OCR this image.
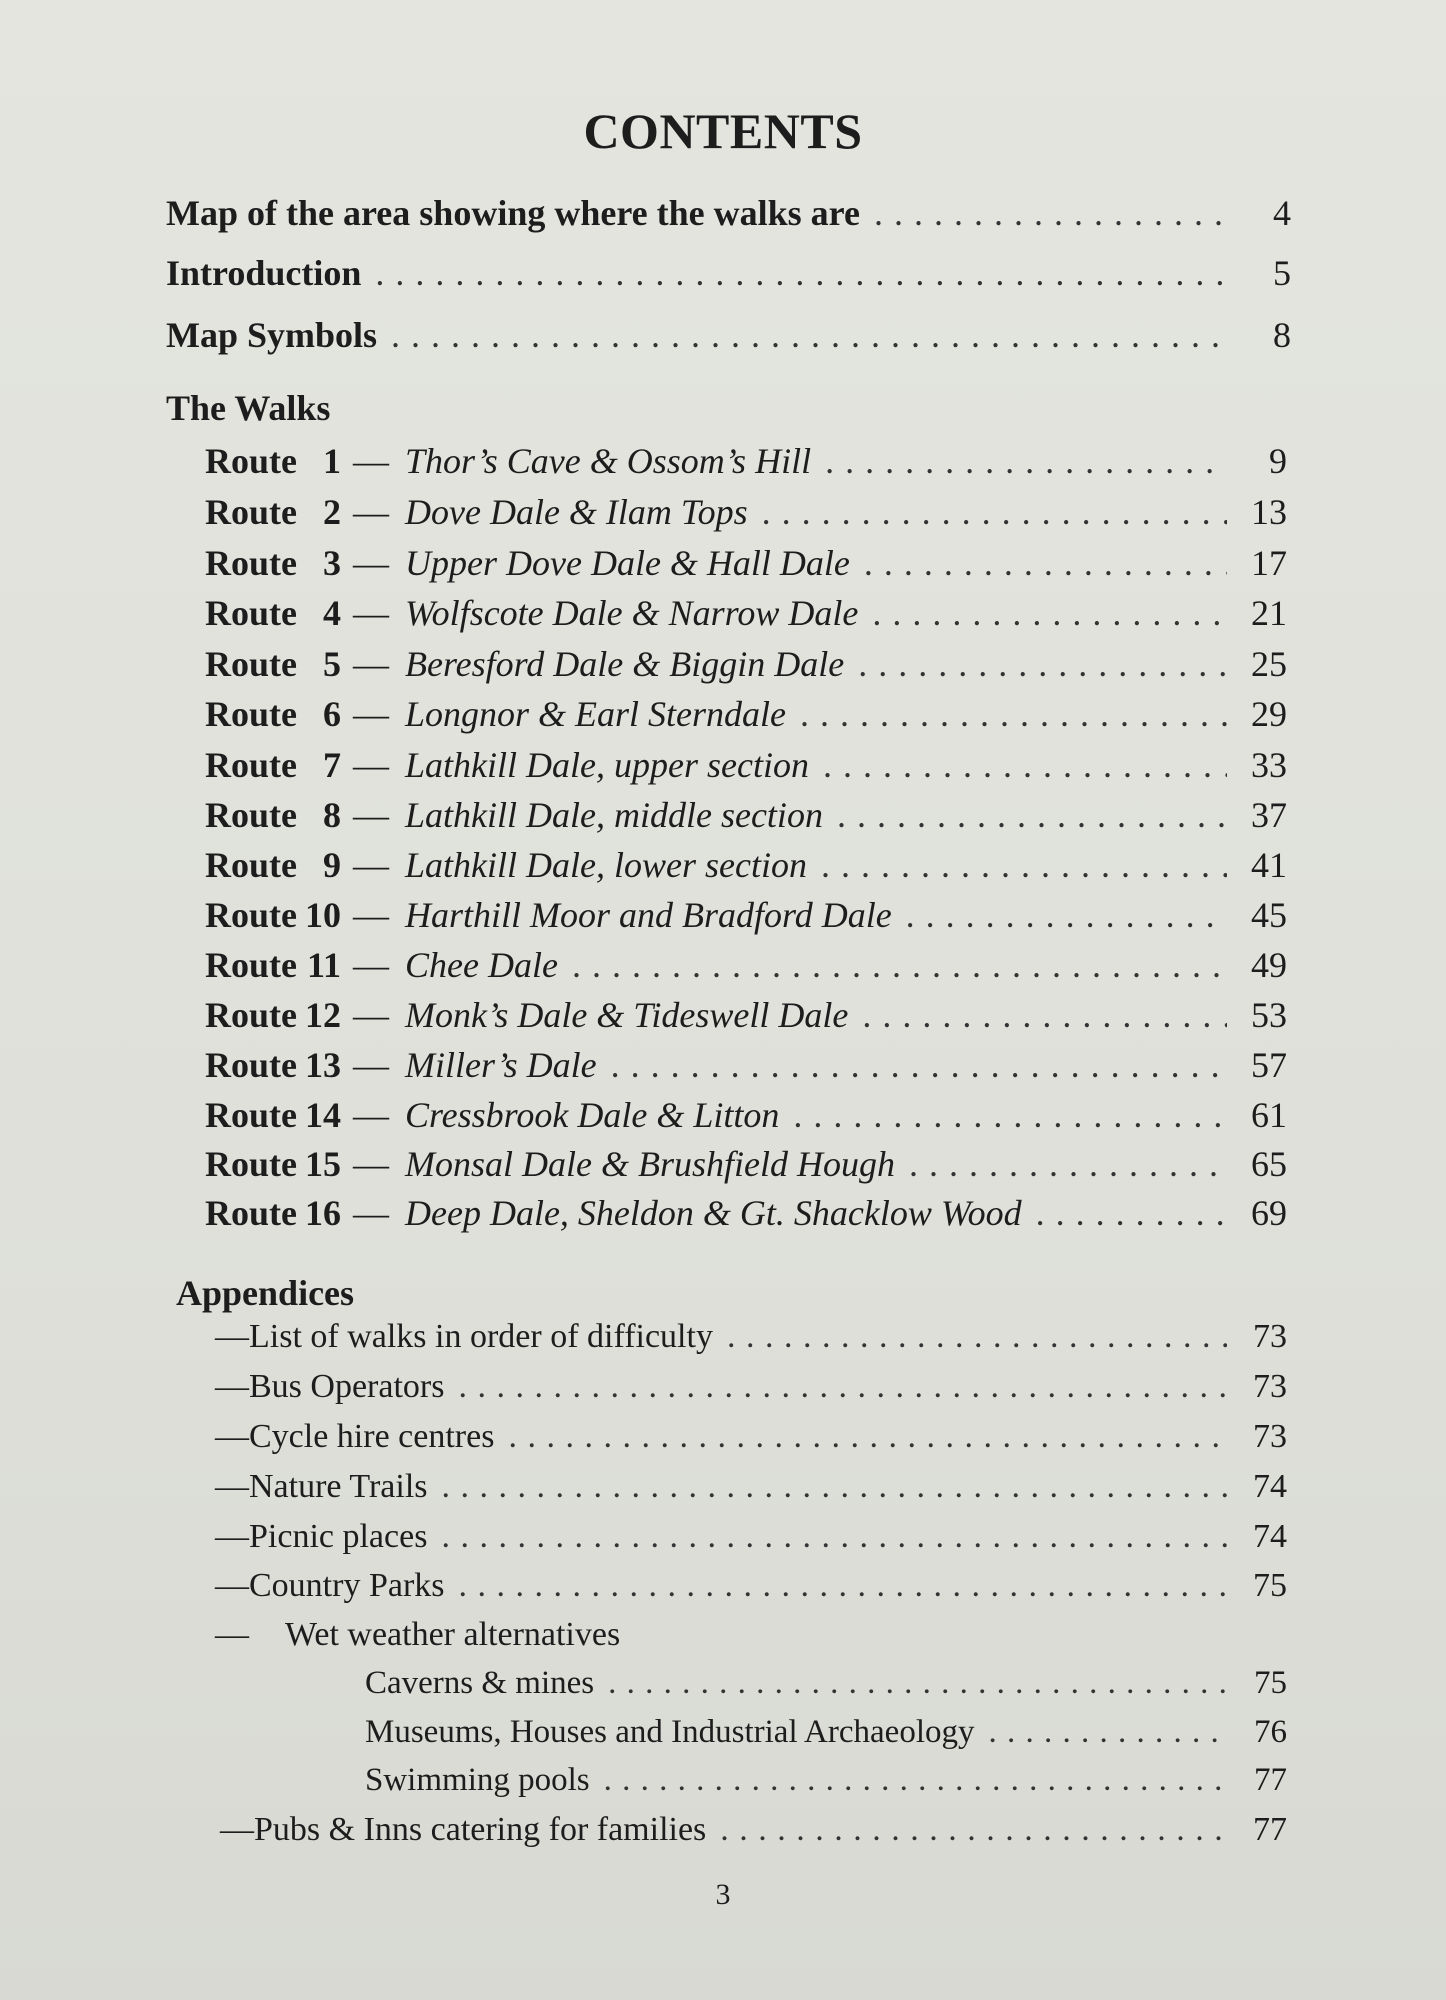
CONTENTS
Map of the area showing where the walks are . . .	4
Introduction . . .	5
Map Symbols . . .	8
The Walks
Route 1 — Thor’s Cave & Ossom’s Hill . . .	9
Route 2 — Dove Dale & Ilam Tops . . .	13
Route 3 — Upper Dove Dale & Hall Dale . . .	17
Route 4 — Wolfscote Dale & Narrow Dale . . .	21
Route 5 — Beresford Dale & Biggin Dale . . .	25
Route 6 — Longnor & Earl Sterndale . . .	29
Route 7 — Lathkill Dale, upper section . . .	33
Route 8 — Lathkill Dale, middle section . . .	37
Route 9 — Lathkill Dale, lower section . . .	41
Route 10 — Harthill Moor and Bradford Dale . . .	45
Route 11 — Chee Dale . . .	49
Route 12 — Monk’s Dale & Tideswell Dale . . .	53
Route 13 — Miller’s Dale . . .	57
Route 14 — Cressbrook Dale & Litton . . .	61
Route 15 — Monsal Dale & Brushfield Hough . . .	65
Route 16 — Deep Dale, Sheldon & Gt. Shacklow Wood . . .	69
Appendices
— List of walks in order of difficulty . . .	73
— Bus Operators . . .	73
— Cycle hire centres . . .	73
— Nature Trails . . .	74
— Picnic places . . .	74
— Country Parks . . .	75
—	Wet weather alternatives
Caverns & mines . . .	75
Museums, Houses and Industrial Archaeology . . .	76
Swimming pools . . .	77
— Pubs & Inns catering for families . . .	77
3
